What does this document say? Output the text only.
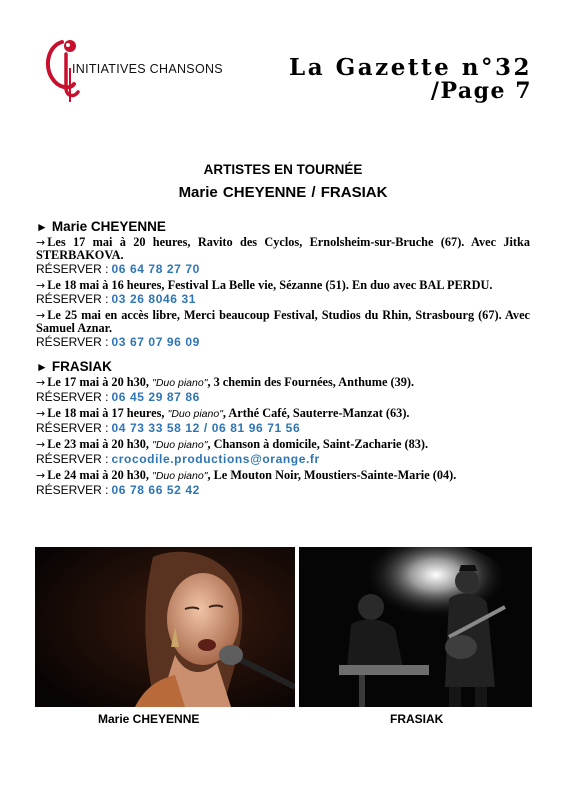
INITIATIVES CHANSONS	La Gazette n°32
/Page 7
ARTISTES EN TOURNÉE
Marie CHEYENNE / FRASIAK
► Marie CHEYENNE
→ Les 17 mai à 20 heures, Ravito des Cyclos, Ernolsheim-sur-Bruche (67). Avec Jitka STERBAKOVA.
RÉSERVER : 06 64 78 27 70
→ Le 18 mai à 16 heures, Festival La Belle vie, Sézanne (51). En duo avec BAL PERDU.
RÉSERVER : 03 26 8046 31
→ Le 25 mai en accès libre, Merci beaucoup Festival, Studios du Rhin, Strasbourg (67). Avec Samuel Aznar.
RÉSERVER : 03 67 07 96 09
► FRASIAK
→ Le 17 mai à 20 h30, "Duo piano", 3 chemin des Fournées, Anthume (39).
RÉSERVER : 06 45 29 87 86
→ Le 18 mai à 17 heures, "Duo piano", Arthé Café, Sauterre-Manzat (63).
RÉSERVER : 04 73 33 58 12 / 06 81 96 71 56
→ Le 23 mai à 20 h30, "Duo piano", Chanson à domicile, Saint-Zacharie (83).
RÉSERVER : crocodile.productions@orange.fr
→ Le 24 mai à 20 h30, "Duo piano", Le Mouton Noir, Moustiers-Sainte-Marie (04).
RÉSERVER : 06 78 66 52 42
Marie CHEYENNE	FRASIAK
